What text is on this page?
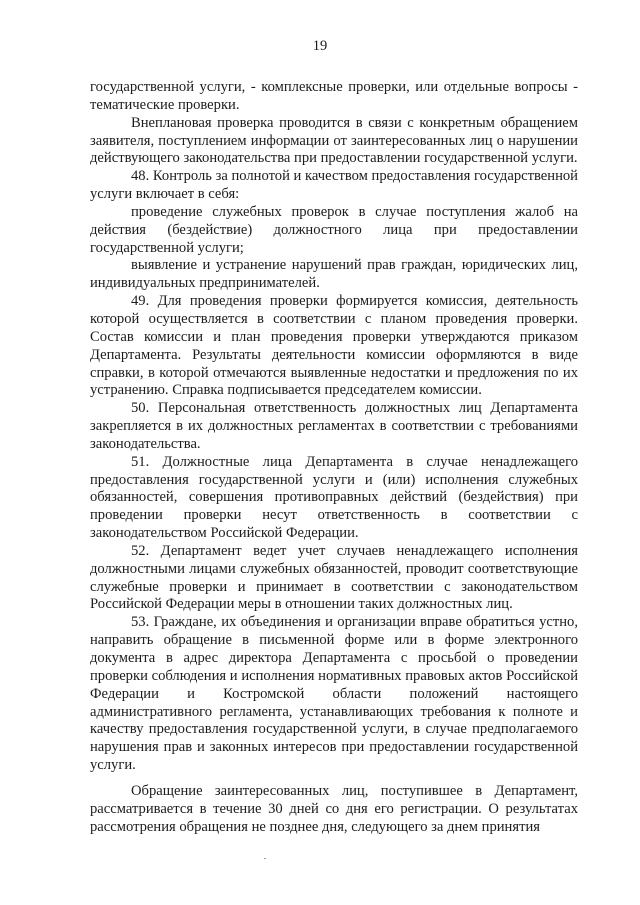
19

государственной услуги, - комплексные проверки, или отдельные вопросы - тематические проверки.

Внеплановая проверка проводится в связи с конкретным обращением заявителя, поступлением информации от заинтересованных лиц о нарушении действующего законодательства при предоставлении государственной услуги.

48. Контроль за полнотой и качеством предоставления государственной услуги включает в себя:

проведение служебных проверок в случае поступления жалоб на действия (бездействие) должностного лица при предоставлении государственной услуги;

выявление и устранение нарушений прав граждан, юридических лиц, индивидуальных предпринимателей.

49. Для проведения проверки формируется комиссия, деятельность которой осуществляется в соответствии с планом проведения проверки. Состав комиссии и план проведения проверки утверждаются приказом Департамента. Результаты деятельности комиссии оформляются в виде справки, в которой отмечаются выявленные недостатки и предложения по их устранению. Справка подписывается председателем комиссии.

50. Персональная ответственность должностных лиц Департамента закрепляется в их должностных регламентах в соответствии с требованиями законодательства.

51. Должностные лица Департамента в случае ненадлежащего предоставления государственной услуги и (или) исполнения служебных обязанностей, совершения противоправных действий (бездействия) при проведении проверки несут ответственность в соответствии с законодательством Российской Федерации.

52. Департамент ведет учет случаев ненадлежащего исполнения должностными лицами служебных обязанностей, проводит соответствующие служебные проверки и принимает в соответствии с законодательством Российской Федерации меры в отношении таких должностных лиц.

53. Граждане, их объединения и организации вправе обратиться устно, направить обращение в письменной форме или в форме электронного документа в адрес директора Департамента с просьбой о проведении проверки соблюдения и исполнения нормативных правовых актов Российской Федерации и Костромской области положений настоящего административного регламента, устанавливающих требования к полноте и качеству предоставления государственной услуги, в случае предполагаемого нарушения прав и законных интересов при предоставлении государственной услуги.

Обращение заинтересованных лиц, поступившее в Департамент, рассматривается в течение 30 дней со дня его регистрации. О результатах рассмотрения обращения не позднее дня, следующего за днем принятия
